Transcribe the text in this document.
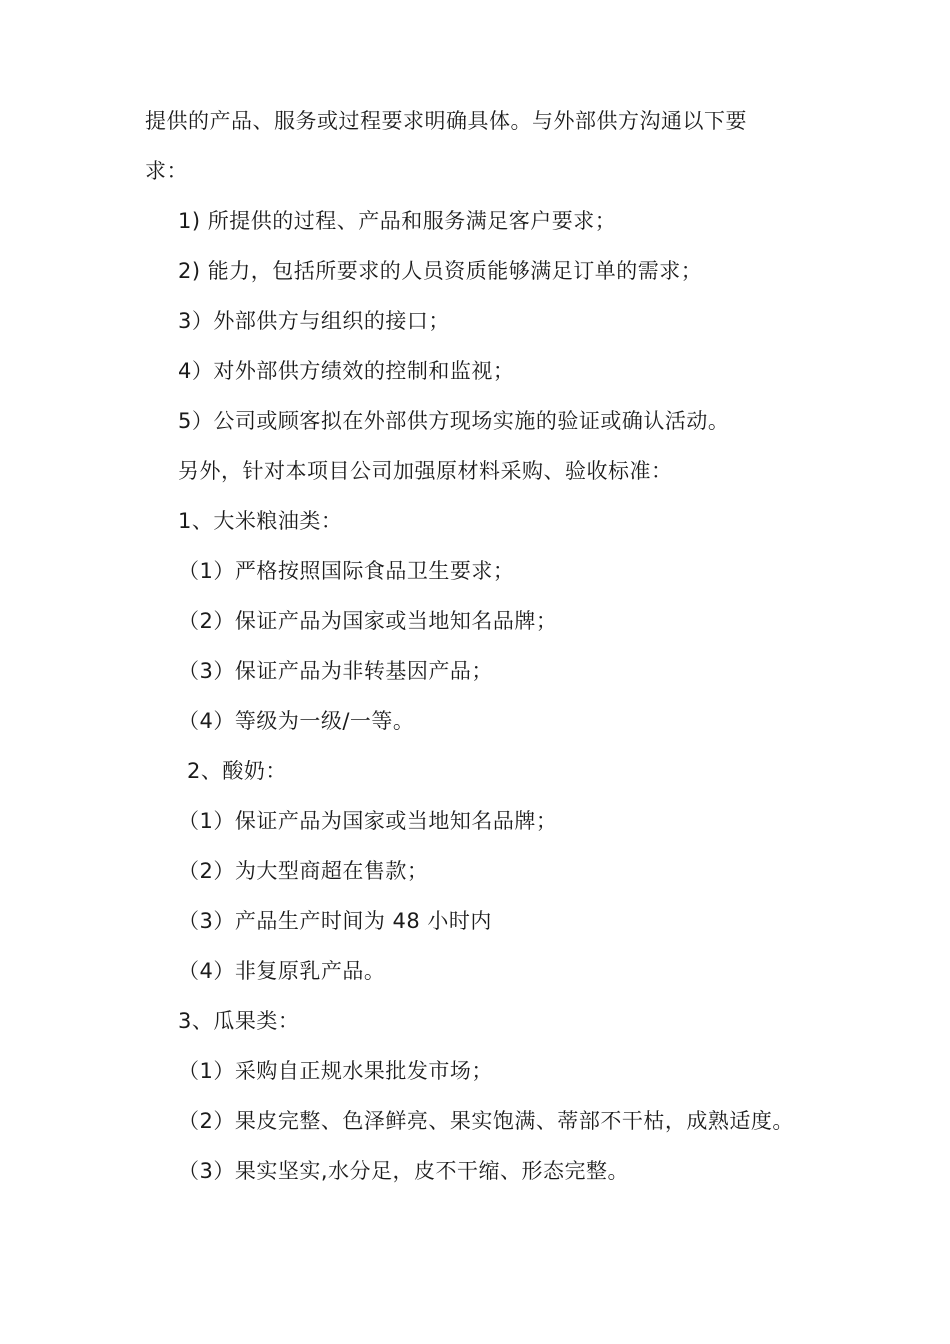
提供的产品、服务或过程要求明确具体。与外部供方沟通以下要
求：
1) 所提供的过程、产品和服务满足客户要求；
2) 能力，包括所要求的人员资质能够满足订单的需求；
3）外部供方与组织的接口；
4）对外部供方绩效的控制和监视；
5）公司或顾客拟在外部供方现场实施的验证或确认活动。
另外，针对本项目公司加强原材料采购、验收标准：
1、大米粮油类：
（1）严格按照国际食品卫生要求；
（2）保证产品为国家或当地知名品牌；
（3）保证产品为非转基因产品；
（4）等级为一级/一等。
2、酸奶：
（1）保证产品为国家或当地知名品牌；
（2）为大型商超在售款；
（3）产品生产时间为 48 小时内
（4）非复原乳产品。
3、瓜果类：
（1）采购自正规水果批发市场；
（2）果皮完整、色泽鲜亮、果实饱满、蒂部不干枯，成熟适度。
（3）果实坚实,水分足，皮不干缩、形态完整。
